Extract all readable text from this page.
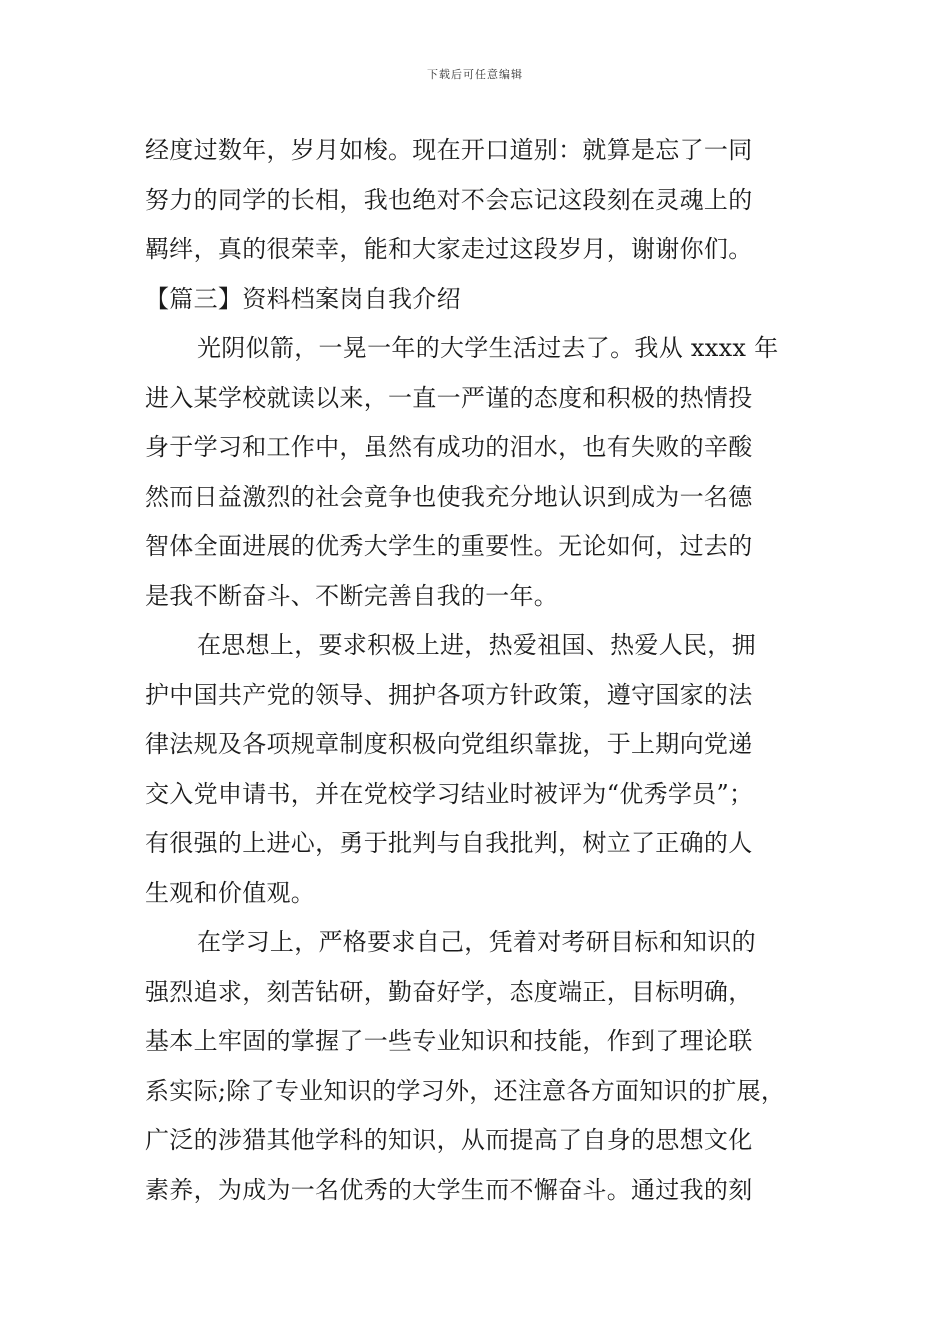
下载后可任意编辑
经度过数年，岁月如梭。现在开口道别：就算是忘了一同
努力的同学的长相，我也绝对不会忘记这段刻在灵魂上的
羁绊，真的很荣幸，能和大家走过这段岁月，谢谢你们。
【篇三】资料档案岗自我介绍
光阴似箭，一晃一年的大学生活过去了。我从 xxxx 年
进入某学校就读以来，一直一严谨的态度和积极的热情投
身于学习和工作中，虽然有成功的泪水，也有失败的辛酸
然而日益激烈的社会竟争也使我充分地认识到成为一名德
智体全面进展的优秀大学生的重要性。无论如何，过去的
是我不断奋斗、不断完善自我的一年。
在思想上，要求积极上进，热爱祖国、热爱人民，拥
护中国共产党的领导、拥护各项方针政策，遵守国家的法
律法规及各项规章制度积极向党组织靠拢，于上期向党递
交入党申请书，并在党校学习结业时被评为“优秀学员”；
有很强的上进心，勇于批判与自我批判，树立了正确的人
生观和价值观。
在学习上，严格要求自己，凭着对考研目标和知识的
强烈追求，刻苦钻研，勤奋好学，态度端正，目标明确，
基本上牢固的掌握了一些专业知识和技能，作到了理论联
系实际;除了专业知识的学习外，还注意各方面知识的扩展，
广泛的涉猎其他学科的知识，从而提高了自身的思想文化
素养，为成为一名优秀的大学生而不懈奋斗。通过我的刻
